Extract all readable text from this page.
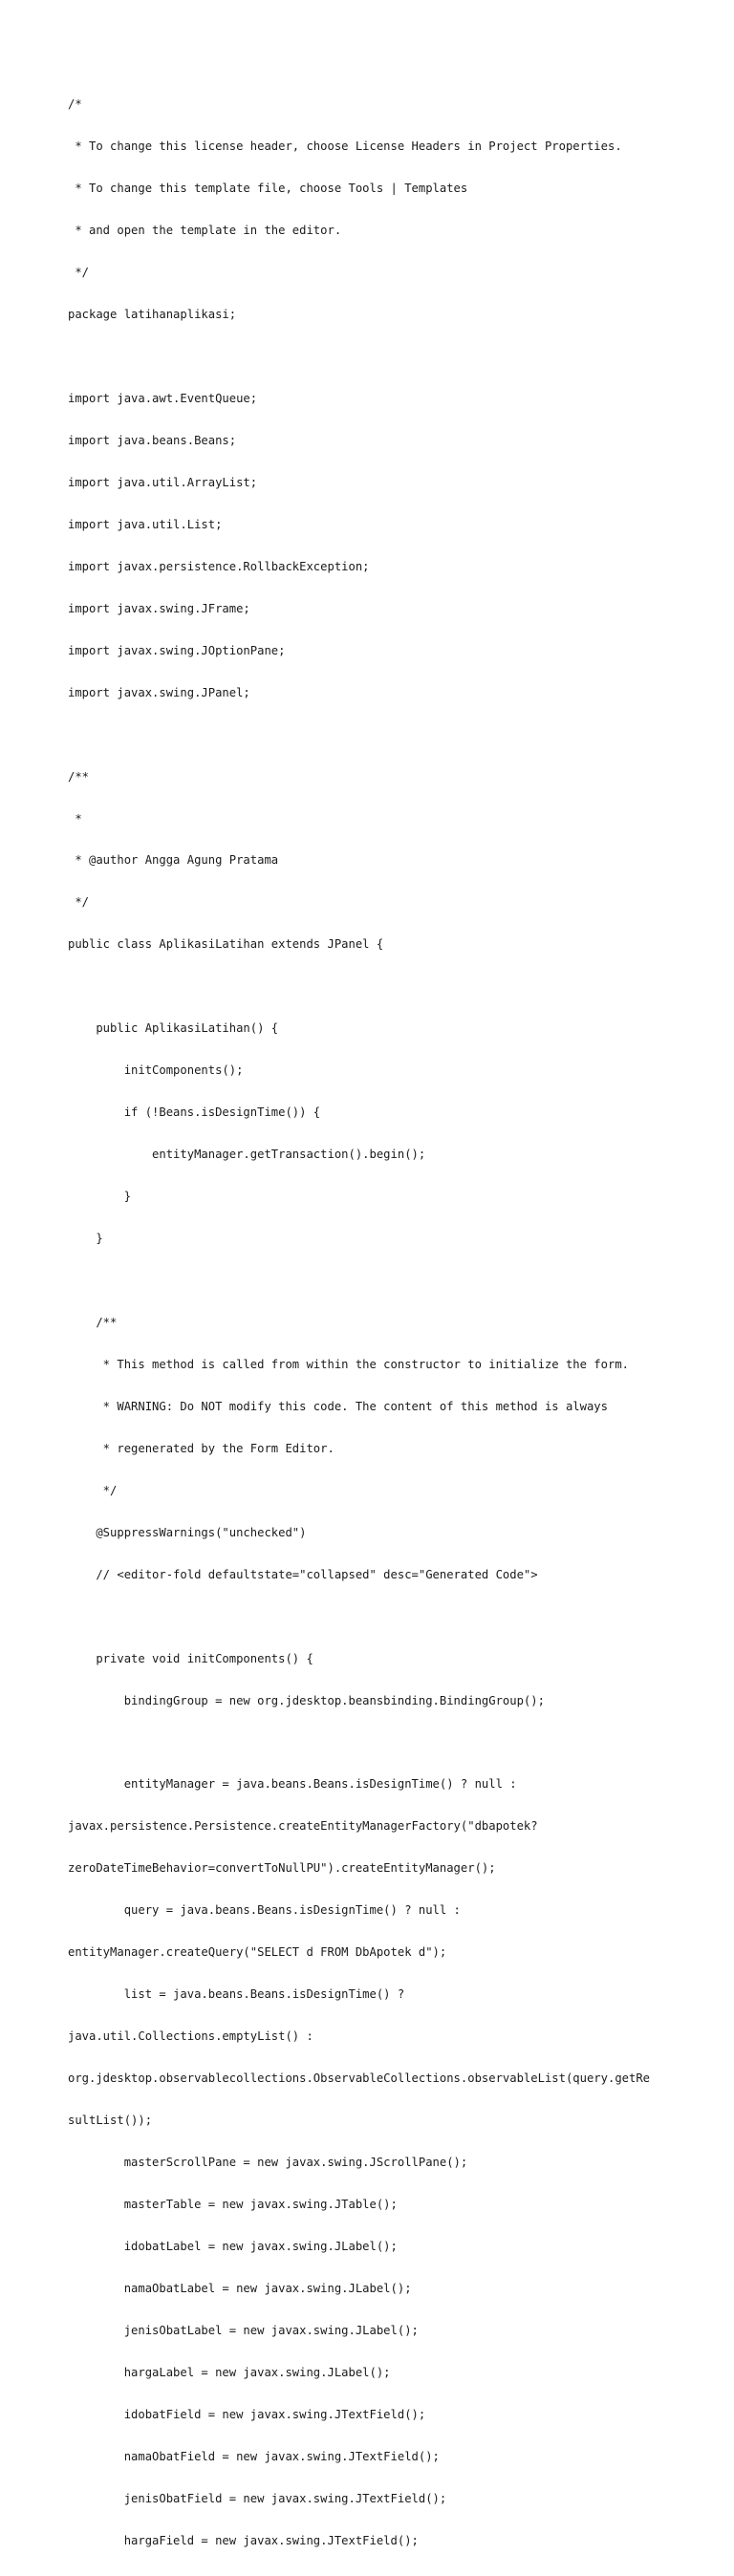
/*

* To change this license header, choose License Headers in Project Properties.

* To change this template file, choose Tools | Templates

* and open the template in the editor.

*/

package latihanaplikasi;

import java.awt.EventQueue;

import java.beans.Beans;

import java.util.ArrayList;

import java.util.List;

import javax.persistence.RollbackException;

import javax.swing.JFrame;

import javax.swing.JOptionPane;

import javax.swing.JPanel;

/**

*

* @author Angga Agung Pratama

*/

public class AplikasiLatihan extends JPanel {

public AplikasiLatihan() {

initComponents();

if (!Beans.isDesignTime()) {

entityManager.getTransaction().begin();

}

}

/**

* This method is called from within the constructor to initialize the form.

* WARNING: Do NOT modify this code. The content of this method is always

* regenerated by the Form Editor.

*/

@SuppressWarnings("unchecked")

// <editor-fold defaultstate="collapsed" desc="Generated Code">

private void initComponents() {

bindingGroup = new org.jdesktop.beansbinding.BindingGroup();

entityManager = java.beans.Beans.isDesignTime() ? null :

javax.persistence.Persistence.createEntityManagerFactory("dbapotek?

zeroDateTimeBehavior=convertToNullPU").createEntityManager();

query = java.beans.Beans.isDesignTime() ? null :

entityManager.createQuery("SELECT d FROM DbApotek d");

list = java.beans.Beans.isDesignTime() ?

java.util.Collections.emptyList() :

org.jdesktop.observablecollections.ObservableCollections.observableList(query.getRe

sultList());

masterScrollPane = new javax.swing.JScrollPane();

masterTable = new javax.swing.JTable();

idobatLabel = new javax.swing.JLabel();

namaObatLabel = new javax.swing.JLabel();

jenisObatLabel = new javax.swing.JLabel();

hargaLabel = new javax.swing.JLabel();

idobatField = new javax.swing.JTextField();

namaObatField = new javax.swing.JTextField();

jenisObatField = new javax.swing.JTextField();

hargaField = new javax.swing.JTextField();
